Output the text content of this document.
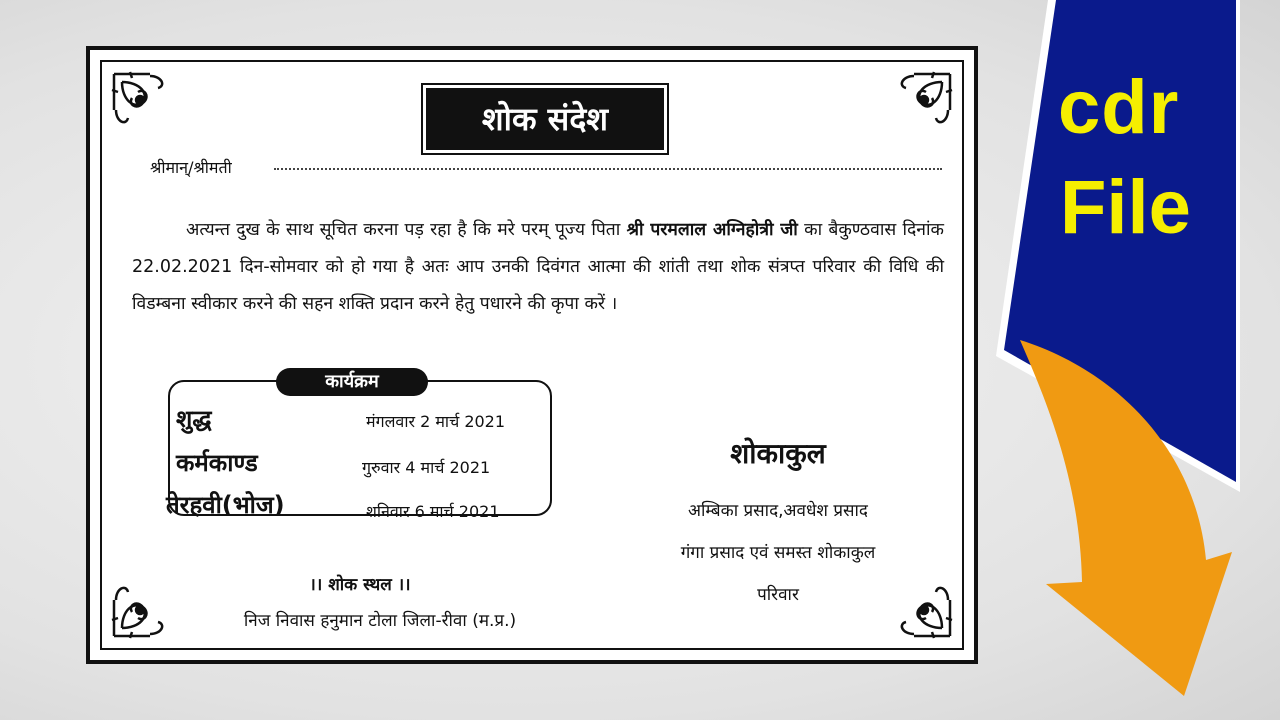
शोक संदेश
श्रीमान्/श्रीमती
अत्यन्त दुख के साथ सूचित करना पड़ रहा है कि मरे परम् पूज्य पिता श्री परमलाल अग्निहोत्री जी का बैकुण्ठवास दिनांक 22.02.2021 दिन-सोमवार को हो गया है अतः आप उनकी दिवंगत आत्मा की शांती तथा शोक संत्रप्त परिवार की विधि की विडम्बना स्वीकार करने की सहन शक्ति प्रदान करने हेतु पधारने की कृपा करें ।
कार्यक्रम
शुद्ध	मंगलवार 2 मार्च 2021
कर्मकाण्ड	गुरुवार 4 मार्च 2021
तेरहवी(भोज)	शनिवार 6 मार्च 2021
शोकाकुल
अम्बिका प्रसाद,अवधेश प्रसाद
गंगा प्रसाद एवं समस्त शोकाकुल
परिवार
।। शोक स्थल ।।
निज निवास हनुमान टोला जिला-रीवा (म.प्र.)
cdr
File
